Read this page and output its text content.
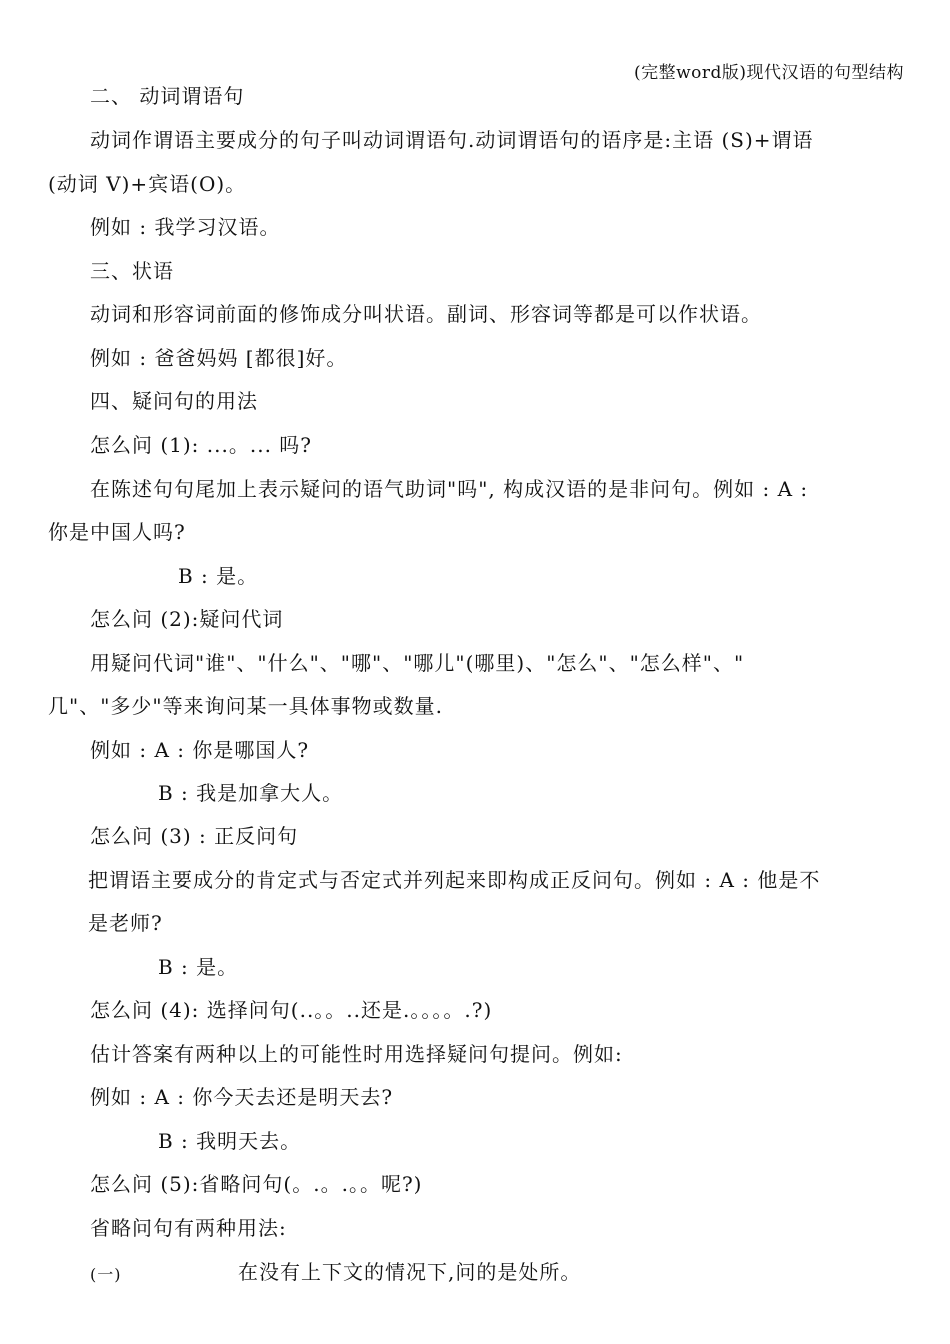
(完整word版)现代汉语的句型结构
二、 动词谓语句
动词作谓语主要成分的句子叫动词谓语句.动词谓语句的语序是:主语 (S)+谓语
(动词 V)+宾语(O)。
例如 : 我学习汉语。
三、状语
动词和形容词前面的修饰成分叫状语。副词、形容词等都是可以作状语。
例如 : 爸爸妈妈 [都很]好。
四、疑问句的用法
怎么问 (1): ...。... 吗?
在陈述句句尾加上表示疑问的语气助词"吗", 构成汉语的是非问句。例如 : A :
你是中国人吗?
B : 是。
怎么问 (2):疑问代词
用疑问代词"谁"、"什么"、"哪"、"哪儿"(哪里)、"怎么"、"怎么样"、"
几"、"多少"等来询问某一具体事物或数量.
例如 : A : 你是哪国人?
B : 我是加拿大人。
怎么问 (3) : 正反问句
把谓语主要成分的肯定式与否定式并列起来即构成正反问句。例如 : A : 他是不
是老师?
B : 是。
怎么问 (4): 选择问句(..。。..还是.。。。。.?)
估计答案有两种以上的可能性时用选择疑问句提问。例如:
例如 : A : 你今天去还是明天去?
B : 我明天去。
怎么问 (5):省略问句(。.。.。。呢?)
省略问句有两种用法:
(一)	在没有上下文的情况下,问的是处所。
